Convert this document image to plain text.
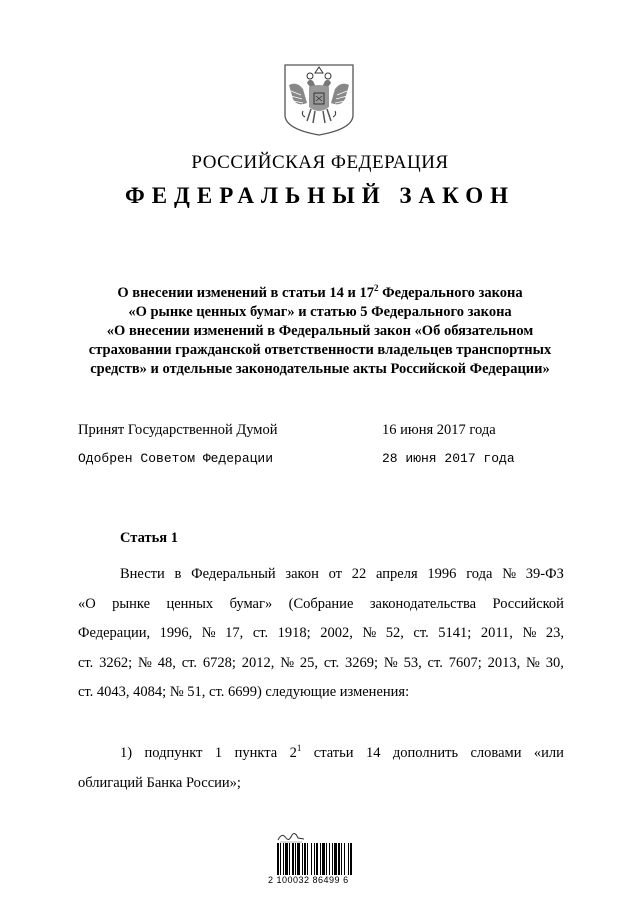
РОССИЙСКАЯ ФЕДЕРАЦИЯ
ФЕДЕРАЛЬНЫЙ ЗАКОН
О внесении изменений в статьи 14 и $17^2$ Федерального закона
«О рынке ценных бумаг» и статью 5 Федерального закона
«О внесении изменений в Федеральный закон «Об обязательном
страховании гражданской ответственности владельцев транспортных
средств» и отдельные законодательные акты Российской Федерации»
Принят Государственной Думой	16 июня 2017 года
Одобрен Советом Федерации	28 июня 2017 года
Статья 1
Внести в Федеральный закон от 22 апреля 1996 года № 39-ФЗ
«О рынке ценных бумаг» (Собрание законодательства Российской
Федерации, 1996, № 17, ст. 1918; 2002, № 52, ст. 5141; 2011, № 23,
ст. 3262; № 48, ст. 6728; 2012, № 25, ст. 3269; № 53, ст. 7607; 2013, № 30,
ст. 4043, 4084; № 51, ст. 6699) следующие изменения:
1) подпункт 1 пункта $2^1$ статьи 14 дополнить словами «или
облигаций Банка России»;
2 100032 86499 6
